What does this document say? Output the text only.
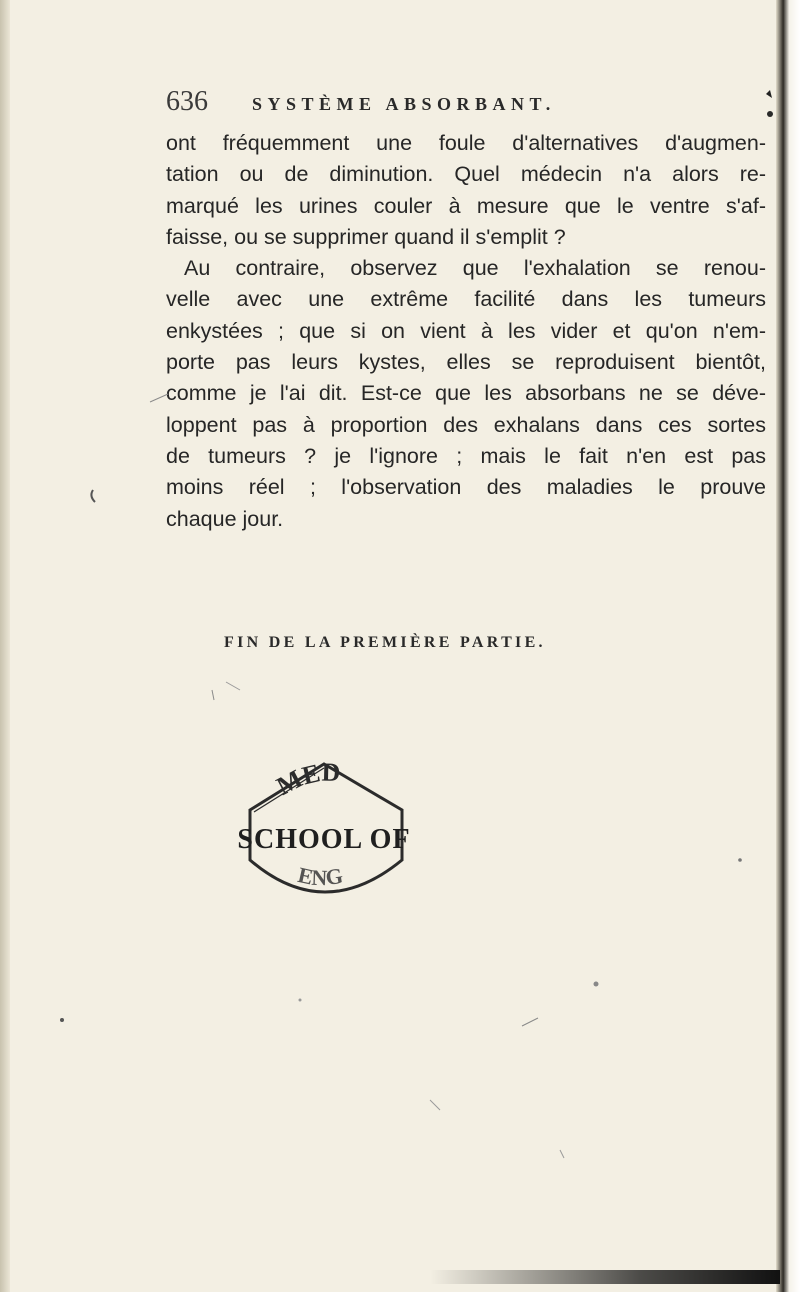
636 SYSTÈME ABSORBANT.
ont fréquemment une foule d'alternatives d'augmen-
tation ou de diminution. Quel médecin n'a alors re-
marqué les urines couler à mesure que le ventre s'af-
faisse, ou se supprimer quand il s'emplit ?
Au contraire, observez que l'exhalation se renou-
velle avec une extrême facilité dans les tumeurs
enkystées ; que si on vient à les vider et qu'on n'em-
porte pas leurs kystes, elles se reproduisent bientôt,
comme je l'ai dit. Est-ce que les absorbans ne se déve-
loppent pas à proportion des exhalans dans ces sortes
de tumeurs ? je l'ignore ; mais le fait n'en est pas
moins réel ; l'observation des maladies le prouve
chaque jour.
FIN DE LA PREMIÈRE PARTIE.
MED
SCHOOL OF
ENG
